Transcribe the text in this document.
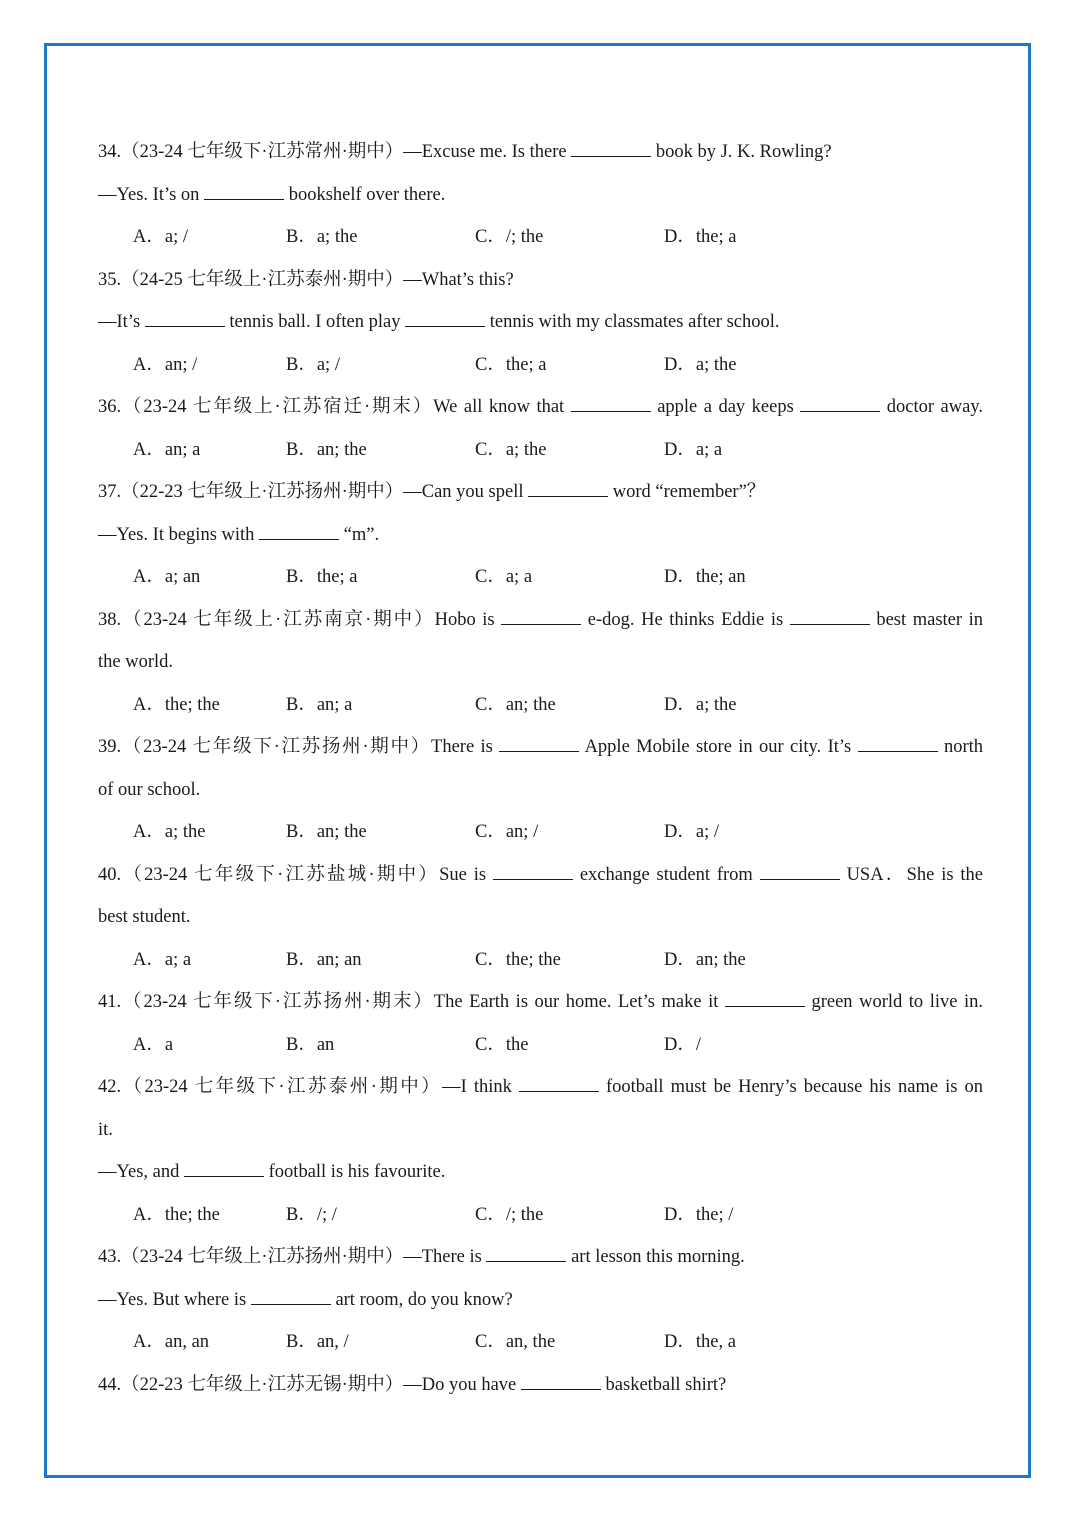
34.（23-24 七年级下·江苏常州·期中）—Excuse me. Is there	book by J. K. Rowling?
—Yes. It’s on	bookshelf over there.
A．a; /	B．a; the	C．/; the	D．the; a
35.（24-25 七年级上·江苏泰州·期中）—What’s this?
—It’s	tennis ball. I often play	tennis with my classmates after school.
A．an; /	B．a; /	C．the; a	D．a; the
36.（23-24 七年级上·江苏宿迁·期末）We all know that	apple a day keeps	doctor away.
A．an; a	B．an; the	C．a; the	D．a; a
37.（22-23 七年级上·江苏扬州·期中）—Can you spell	word “remember”？
—Yes. It begins with	“m”.
A．a; an	B．the; a	C．a; a	D．the; an
38.（23-24 七年级上·江苏南京·期中）Hobo is	e-dog. He thinks Eddie is	best master in
the world.
A．the; the	B．an; a	C．an; the	D．a; the
39.（23-24 七年级下·江苏扬州·期中）There is	Apple Mobile store in our city. It’s	north
of our school.
A．a; the	B．an; the	C．an; /	D．a; /
40.（23-24 七年级下·江苏盐城·期中）Sue is	exchange student from	USA．She is the
best student.
A．a; a	B．an; an	C．the; the	D．an; the
41.（23-24 七年级下·江苏扬州·期末）The Earth is our home. Let’s make it	green world to live in.
A．a	B．an	C．the	D．/
42.（23-24 七年级下·江苏泰州·期中）—I think	football must be Henry’s because his name is on
it.
—Yes, and	football is his favourite.
A．the; the	B．/; /	C．/; the	D．the; /
43.（23-24 七年级上·江苏扬州·期中）—There is	art lesson this morning.
—Yes. But where is	art room, do you know?
A．an, an	B．an, /	C．an, the	D．the, a
44.（22-23 七年级上·江苏无锡·期中）—Do you have	basketball shirt?
